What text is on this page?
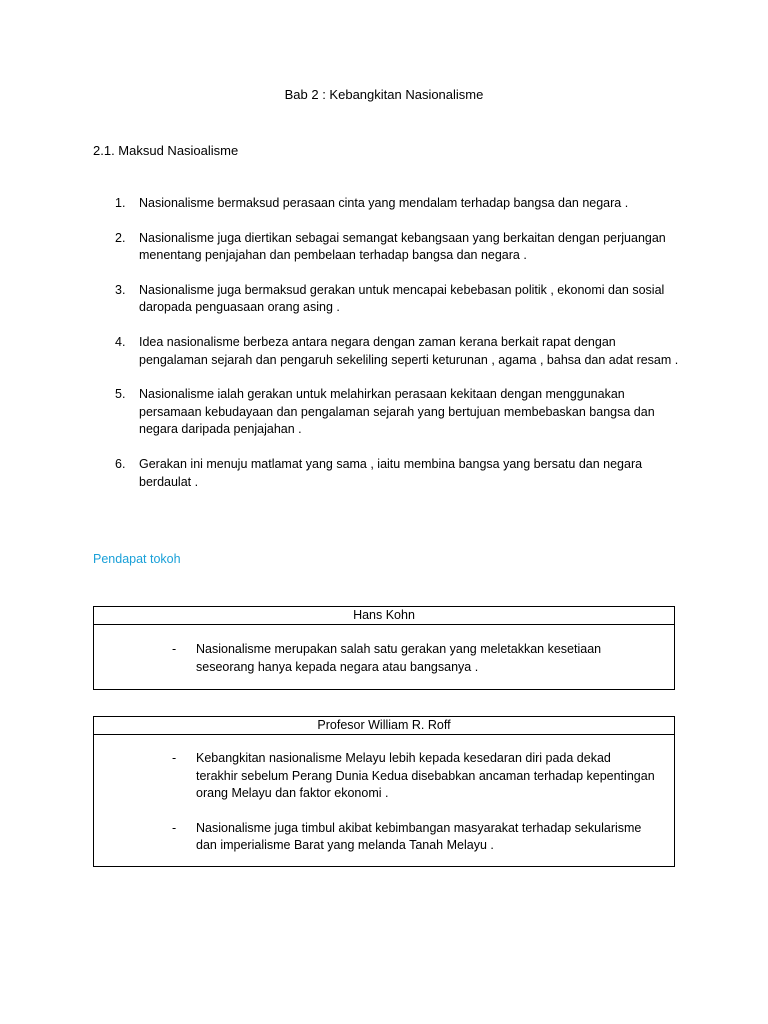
Bab 2 : Kebangkitan Nasionalisme
2.1. Maksud Nasioalisme
1.	Nasionalisme bermaksud perasaan cinta yang mendalam terhadap bangsa dan negara .
2.	Nasionalisme juga diertikan sebagai semangat kebangsaan yang berkaitan dengan perjuangan menentang penjajahan dan pembelaan terhadap bangsa dan negara .
3.	Nasionalisme juga bermaksud gerakan untuk mencapai kebebasan politik , ekonomi dan sosial daropada penguasaan orang asing .
4.	Idea nasionalisme berbeza antara negara dengan zaman kerana berkait rapat dengan pengalaman sejarah dan pengaruh sekeliling seperti keturunan , agama , bahsa dan adat resam .
5.	Nasionalisme ialah gerakan untuk melahirkan perasaan kekitaan dengan menggunakan persamaan kebudayaan dan pengalaman sejarah yang bertujuan membebaskan bangsa dan negara daripada penjajahan .
6.	Gerakan ini menuju matlamat yang sama , iaitu membina bangsa yang bersatu dan negara berdaulat .
Pendapat tokoh
Hans Kohn
- Nasionalisme merupakan salah satu gerakan yang meletakkan kesetiaan seseorang hanya kepada negara atau bangsanya .
Profesor William R. Roff
- Kebangkitan nasionalisme Melayu lebih kepada kesedaran diri pada dekad terakhir sebelum Perang Dunia Kedua disebabkan ancaman terhadap kepentingan orang Melayu dan faktor ekonomi .
- Nasionalisme juga timbul akibat kebimbangan masyarakat terhadap sekularisme dan imperialisme Barat yang melanda Tanah Melayu .
